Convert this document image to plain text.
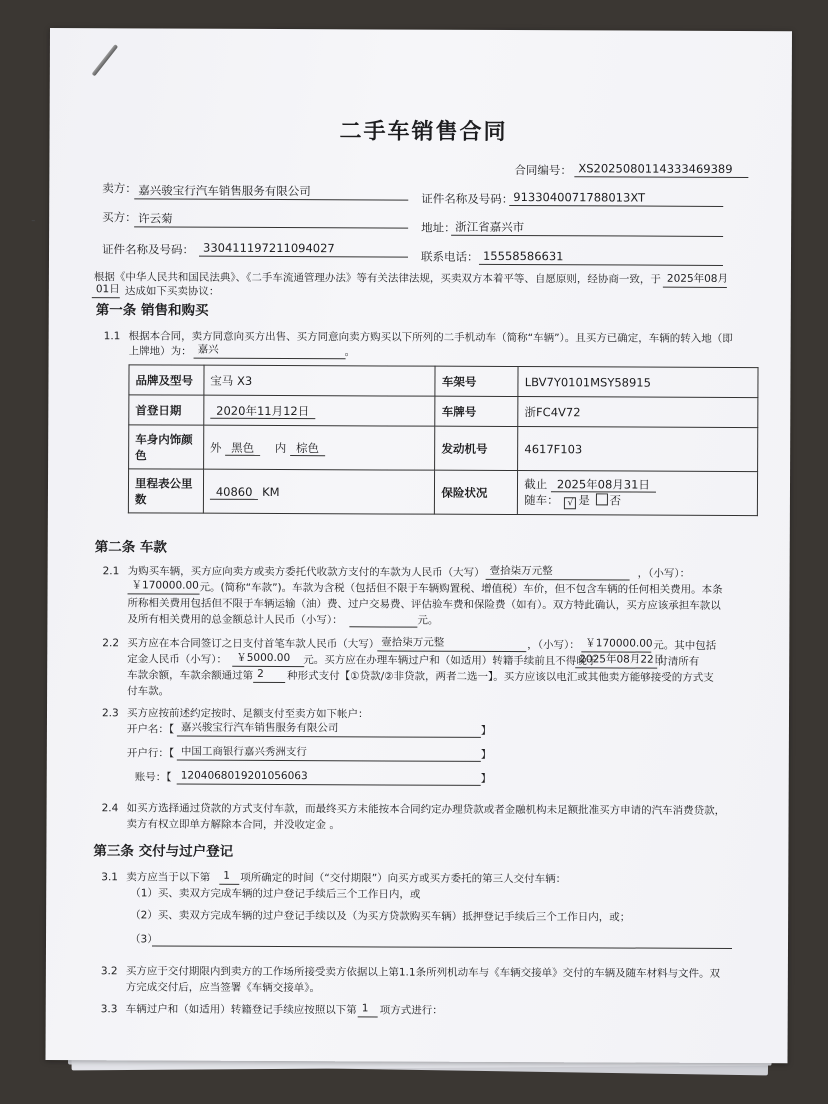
-
二手车销售合同
合同编号： XS20250801143334693​89
卖方： 嘉兴骏宝行汽车销售服务有限公司
证件名称及号码： 9133040071788013XT
买方： 许云菊
地址： 浙江省嘉兴市
证件名称及号码： 330411197211094027
联系电话： 15558586631
根据《中华人民共和国民法典》、《二手车流通管理办法》等有关法律法规，买卖双方本着平等、自愿原则，经协商一致，于 2025年08月
01日 达成如下买卖协议：
第一条 销售和购买
1.1 根据本合同，卖方同意向买方出售、买方同意向卖方购买以下所列的二手机动车（简称“车辆”）。且买方已确定，车辆的转入地（即
上牌地）为： 嘉兴	。
品牌及型号	宝马 X3	车架号	LBV7Y0101MSY58915
首登日期	2020年11月12日	车牌号	浙FC4V72
车身内饰颜
色	外 黑色 内 棕色	发动机号	4617F103
里程表公里
数	40860 KM	保险状况	截止 2025年08月31日
随车： √ 是 否
第二条 车款
2.1 为购买车辆，买方应向卖方或卖方委托代收款方支付的车款为人民币（大写） 壹拾柒万元整	，（小写）：
￥170000.00 元。(简称“车款”)。车款为含税（包括但不限于车辆购置税、增值税）车价，但不包含车辆的任何相关费用。本条
所称相关费用包括但不限于车辆运输（油）费、过户交易费、评估验车费和保险费（如有）。双方特此确认，买方应该承担车款以
及所有相关费用的总金额总计人民币（小写）：	元。
2.2 买方应在本合同签订之日支付首笔车款人民币（大写） 壹拾柒万元整	，（小写）： ￥170000.00 元。其中包括
定金人民币（小写）： ￥5000.00	元。买方应在办理车辆过户和（如适用）转籍手续前且不得晚于
2025年08月22日
付清所有
车款余额，车款余额通过第 2	种形式支付【①贷款/②非贷款，两者二选一】。买方应该以电汇或其他卖方能够接受的方式支
付车款。
2.3 买方应按前述约定按时、足额支付至卖方如下帐户：
开户名：【 嘉兴骏宝行汽车销售服务有限公司	】
开户行：【 中国工商银行嘉兴秀洲支行	】
账号：【 1204068019201056063	】
2.4 如买方选择通过贷款的方式支付车款，而最终买方未能按本合同约定办理贷款或者金融机构未足额批准买方申请的汽车消费贷款，
卖方有权立即单方解除本合同，并没收定金 。
第三条 交付与过户登记
3.1 卖方应当于以下第	1 项所确定的时间（“交付期限”）向买方或买方委托的第三人交付车辆：
（1）买、卖双方完成车辆的过户登记手续后三个工作日内，或
（2）买、卖双方完成车辆的过户登记手续以及（为买方贷款购买车辆）抵押登记手续后三个工作日内，或；
（3）
3.2 买方应于交付期限内到卖方的工作场所接受卖方依据以上第1.1条所列机动车与《车辆交接单》交付的车辆及随车材料与文件。双
方完成交付后，应当签署《车辆交接单》。
3.3 车辆过户和（如适用）转籍登记手续应按照以下第 1	项方式进行：
